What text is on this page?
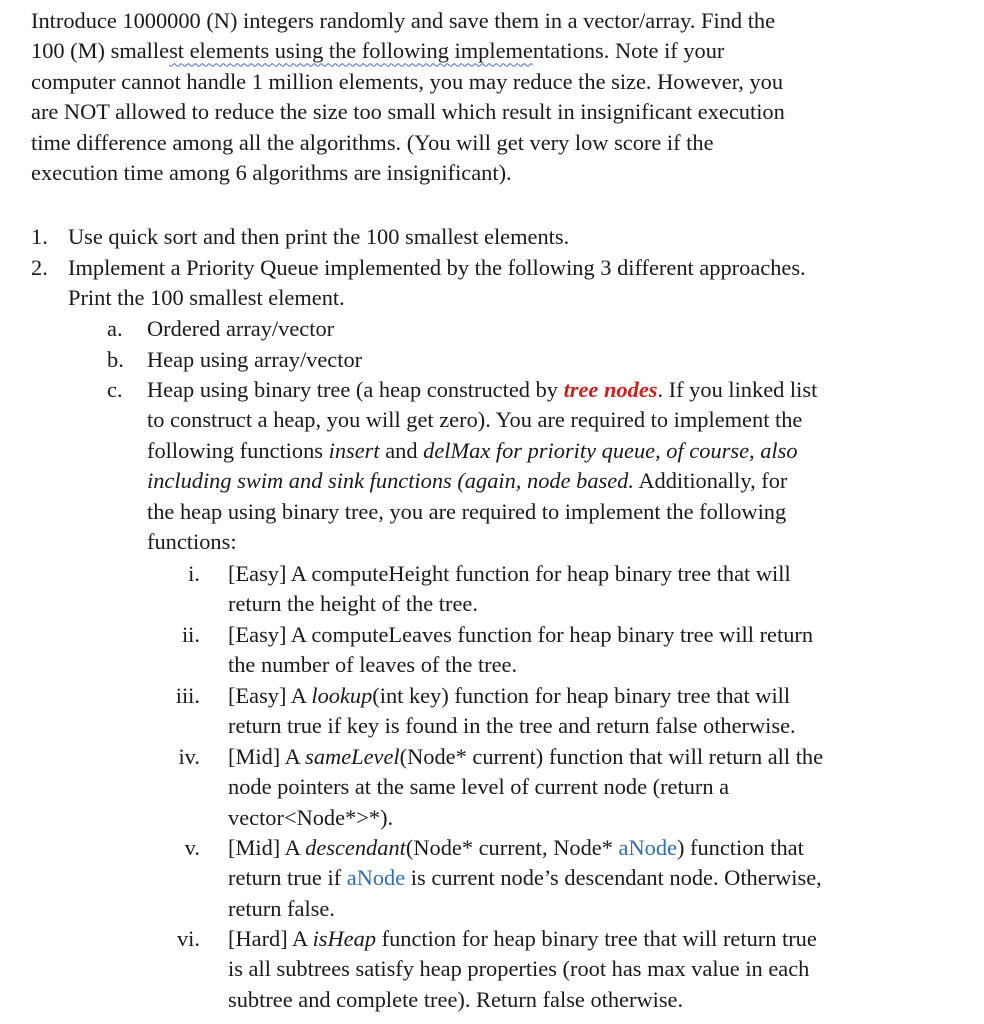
Introduce 1000000 (N) integers randomly and save them in a vector/array. Find the
100 (M) smallest elements using the following implementations. Note if your
computer cannot handle 1 million elements, you may reduce the size. However, you
are NOT allowed to reduce the size too small which result in insignificant execution
time difference among all the algorithms. (You will get very low score if the
execution time among 6 algorithms are insignificant).
1. Use quick sort and then print the 100 smallest elements.
2. Implement a Priority Queue implemented by the following 3 different approaches.
Print the 100 smallest element.
a. Ordered array/vector
b. Heap using array/vector
c. Heap using binary tree (a heap constructed by tree nodes. If you linked list
to construct a heap, you will get zero). You are required to implement the
following functions insert and delMax for priority queue, of course, also
including swim and sink functions (again, node based. Additionally, for
the heap using binary tree, you are required to implement the following
functions:
i. [Easy] A computeHeight function for heap binary tree that will
return the height of the tree.
ii. [Easy] A computeLeaves function for heap binary tree will return
the number of leaves of the tree.
iii. [Easy] A lookup(int key) function for heap binary tree that will
return true if key is found in the tree and return false otherwise.
iv. [Mid] A sameLevel(Node* current) function that will return all the
node pointers at the same level of current node (return a
vector<Node*>*).
v. [Mid] A descendant(Node* current, Node* aNode) function that
return true if aNode is current node’s descendant node. Otherwise,
return false.
vi. [Hard] A isHeap function for heap binary tree that will return true
is all subtrees satisfy heap properties (root has max value in each
subtree and complete tree). Return false otherwise.
